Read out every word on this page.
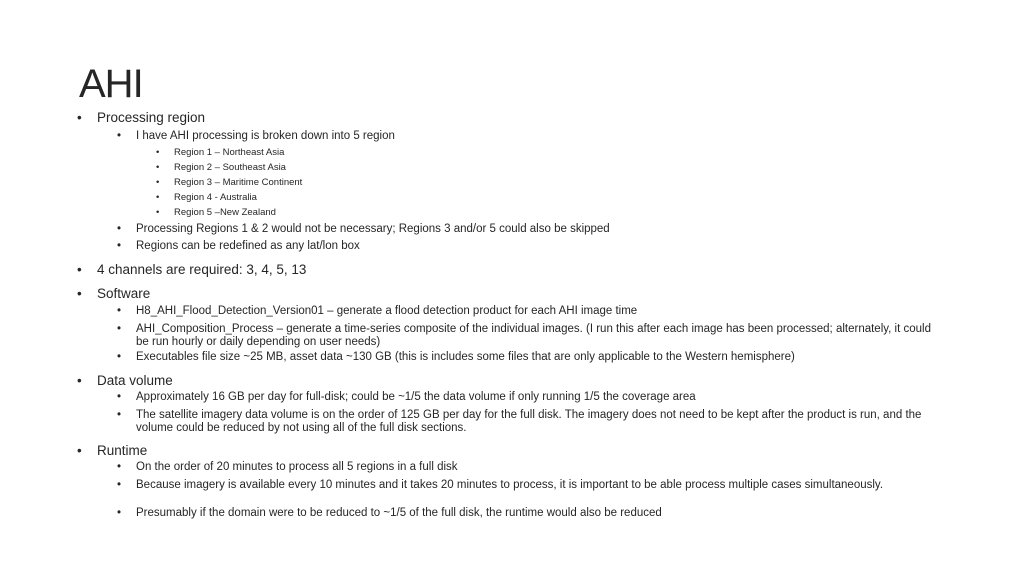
AHI
• Processing region
• I have AHI processing is broken down into 5 region
• Region 1 – Northeast Asia
• Region 2 – Southeast Asia
• Region 3 – Maritime Continent
• Region 4 - Australia
• Region 5 –New Zealand
• Processing Regions 1 & 2 would not be necessary; Regions 3 and/or 5 could also be skipped
• Regions can be redefined as any lat/lon box
• 4 channels are required: 3, 4, 5, 13
• Software
• H8_AHI_Flood_Detection_Version01 – generate a flood detection product for each AHI image time
• AHI_Composition_Process – generate a time-series composite of the individual images. (I run this after each image has been processed; alternately, it could be run hourly or daily depending on user needs)
• Executables file size ~25 MB, asset data ~130 GB (this is includes some files that are only applicable to the Western hemisphere)
• Data volume
• Approximately 16 GB per day for full-disk; could be ~1/5 the data volume if only running 1/5 the coverage area
• The satellite imagery data volume is on the order of 125 GB per day for the full disk. The imagery does not need to be kept after the product is run, and the volume could be reduced by not using all of the full disk sections.
• Runtime
• On the order of 20 minutes to process all 5 regions in a full disk
• Because imagery is available every 10 minutes and it takes 20 minutes to process, it is important to be able process multiple cases simultaneously.
• Presumably if the domain were to be reduced to ~1/5 of the full disk, the runtime would also be reduced
